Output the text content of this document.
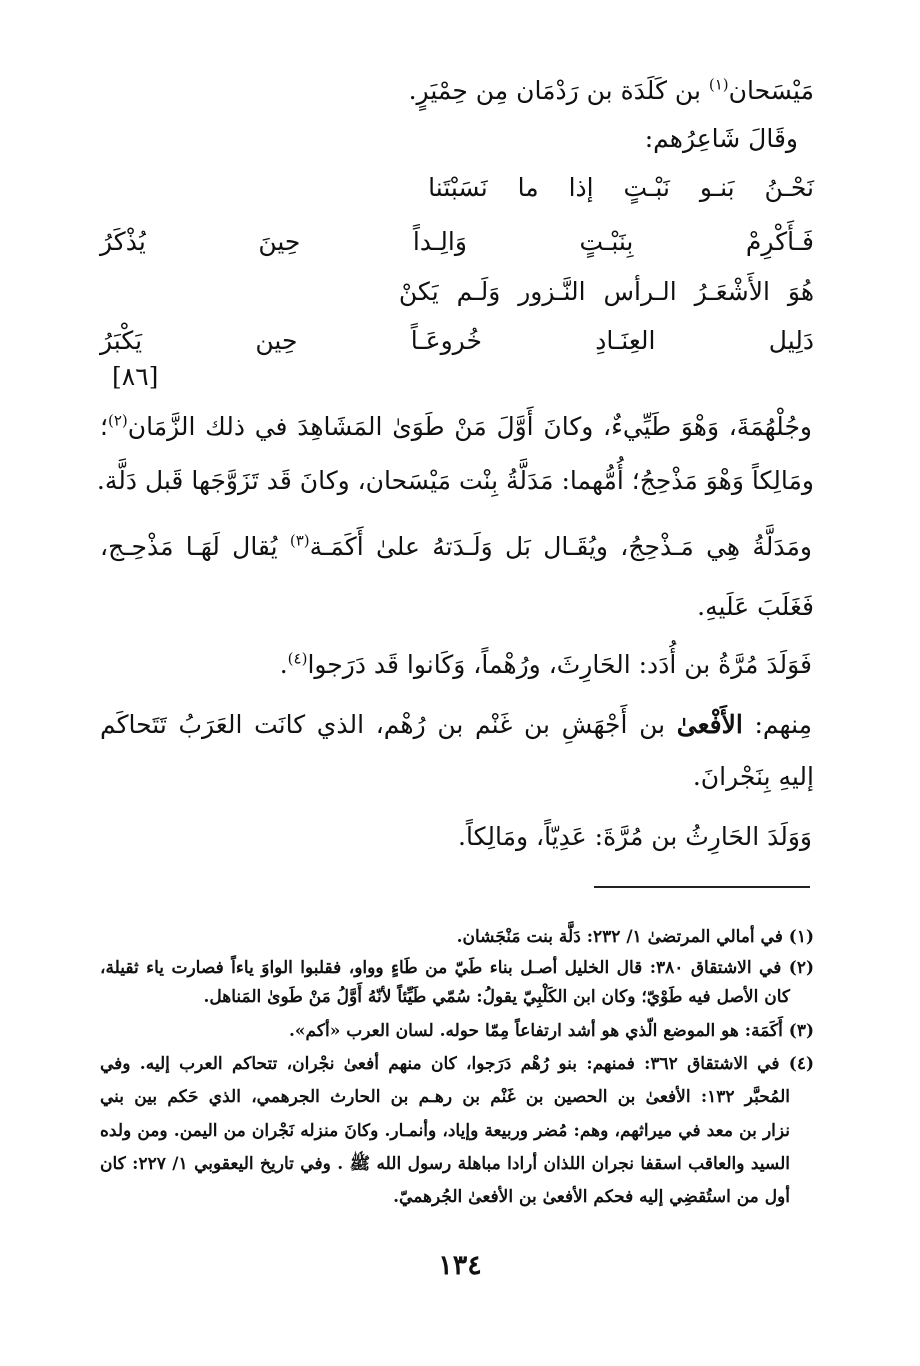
مَيْسَحان$^{(١)}$ بن كَلَدَة بن رَدْمَان مِن حِمْيَرٍ.
وقَالَ شَاعِرُهم:
نَحْـنُ بَنـو نَبْـتٍ إذا ما نَسَبْتَنا
فَـأَكْرِمْ بِنَبْـتٍ وَالِـداً حِينَ يُذْكَرُ
هُوَ الأَشْعَـرُ الـرأس النَّـزور وَلَـم يَكنْ
دَلِيل العِنَـادِ خُروعَـاً حِين يَكْبَرُ
[٨٦]
وجُلْهُمَةَ، وَهْوَ طَيِّيءٌ، وكانَ أَوَّلَ مَنْ طَوَىٰ المَشَاهِدَ في ذلك الزَّمَان$^{(٢)}$؛
ومَالِكاً وَهْوَ مَذْحِجُ؛ أُمُّهما: مَدَلَّةُ بِنْت مَيْسَحان، وكانَ قَد تَزَوَّجَها قَبل دَلَّة.
ومَدَلَّةُ هِي مَـذْحِجُ، ويُقَـال بَل وَلَـدَتهُ علىٰ أَكَمَـة$^{(٣)}$ يُقال لَهَـا مَذْحِـج،
فَغَلَبَ عَلَيهِ.
فَوَلَدَ مُرَّةُ بن أُدَد: الحَارِثَ، ورُهْماً، وَكَانوا قَد دَرَجوا$^{(٤)}$.
مِنهم: الأَفْعىٰ بن أَجْهَشِ بن غَنْم بن رُهْم، الذي كانَت العَرَبُ تَتَحاكَم
إليهِ بِنَجْرانَ.
وَوَلَدَ الحَارِثُ بن مُرَّةَ: عَدِيّاً، ومَالِكاً.
(١) في أمالي المرتضىٰ ١/ ٢٣٢: دَلَّة بنت مَنْجَشان.
(٢) في الاشتقاق ٣٨٠: قال الخليل أصـل بناء طَيّ من طَاءٍ وواو، فقلبوا الواوَ ياءاً فصارت ياء ثقيلة،
كان الأصل فيه طَوْيّ؛ وكان ابن الكَلْبِيّ يقولُ: سُمّي طَيِّئاً لأنّهُ أَوَّلُ مَنْ طَوىٰ المَناهل.
(٣) أَكَمَة: هو الموضع الّذي هو أشد ارتفاعاً مِمّا حوله. لسان العرب «أكم».
(٤) في الاشتقاق ٣٦٢: فمنهم: بنو رُهْم دَرَجوا، كان منهم أفعىٰ نجْران، تتحاكم العرب إليه. وفي
المُحبَّر ١٣٢: الأفعىٰ بن الحصين بن غَنْم بن رهـم بن الحارث الجرهمي، الذي حَكم بين بني
نزار بن معد في ميراثهم، وهم: مُضر وربيعة وإياد، وأنمـار. وكانَ منزله نَجْران من اليمن. ومن ولده
السيد والعاقب اسقفا نجران اللذان أرادا مباهلة رسول الله ﷺ . وفي تاريخ اليعقوبي ١/ ٢٢٧: كان
أول من استُقضِي إليه فحكم الأفعىٰ بن الأفعىٰ الجُرهميّ.
١٣٤
